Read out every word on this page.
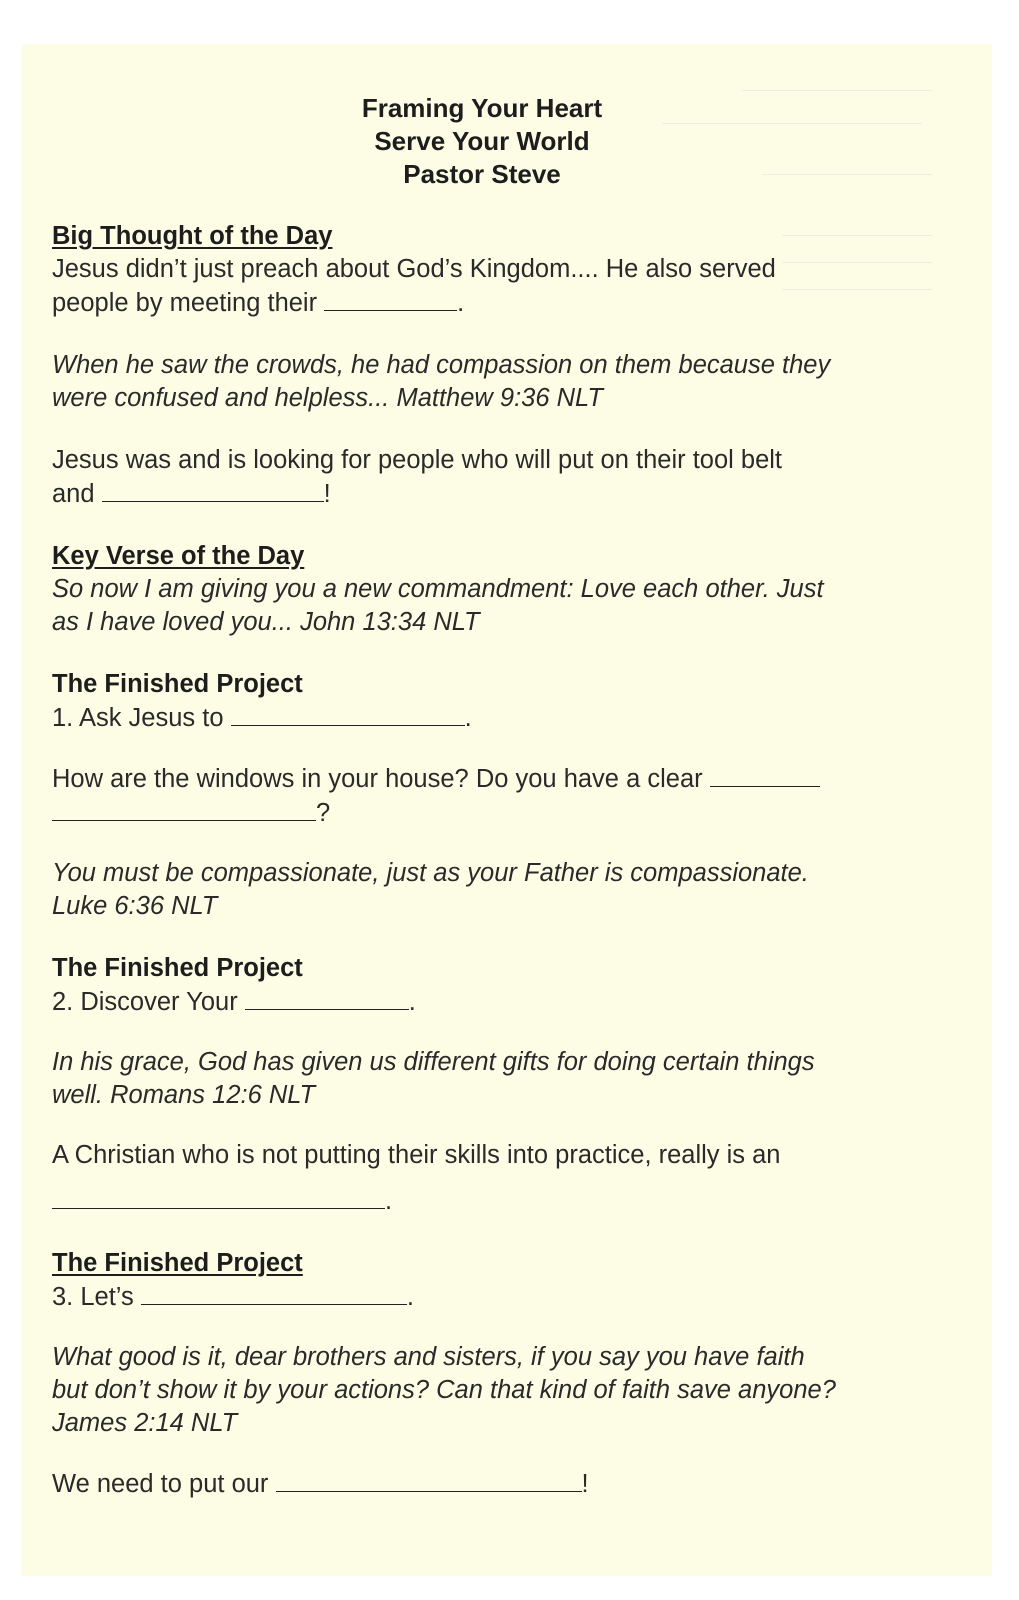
Framing Your Heart
Serve Your World
Pastor Steve

Big Thought of the Day

Jesus didn’t just preach about God’s Kingdom.... He also served

people by meeting their	.

When he saw the crowds, he had compassion on them because they

were confused and helpless... Matthew 9:36 NLT

Jesus was and is looking for people who will put on their tool belt

and	!

Key Verse of the Day

So now I am giving you a new commandment: Love each other. Just

as I have loved you... John 13:34 NLT

The Finished Project

1. Ask Jesus to	.

How are the windows in your house? Do you have a clear

?

You must be compassionate, just as your Father is compassionate.

Luke 6:36 NLT

The Finished Project

2. Discover Your	.

In his grace, God has given us different gifts for doing certain things

well. Romans 12:6 NLT

A Christian who is not putting their skills into practice, really is an

.

The Finished Project

3. Let’s	.

What good is it, dear brothers and sisters, if you say you have faith

but don’t show it by your actions? Can that kind of faith save anyone?

James 2:14 NLT

We need to put our	!
